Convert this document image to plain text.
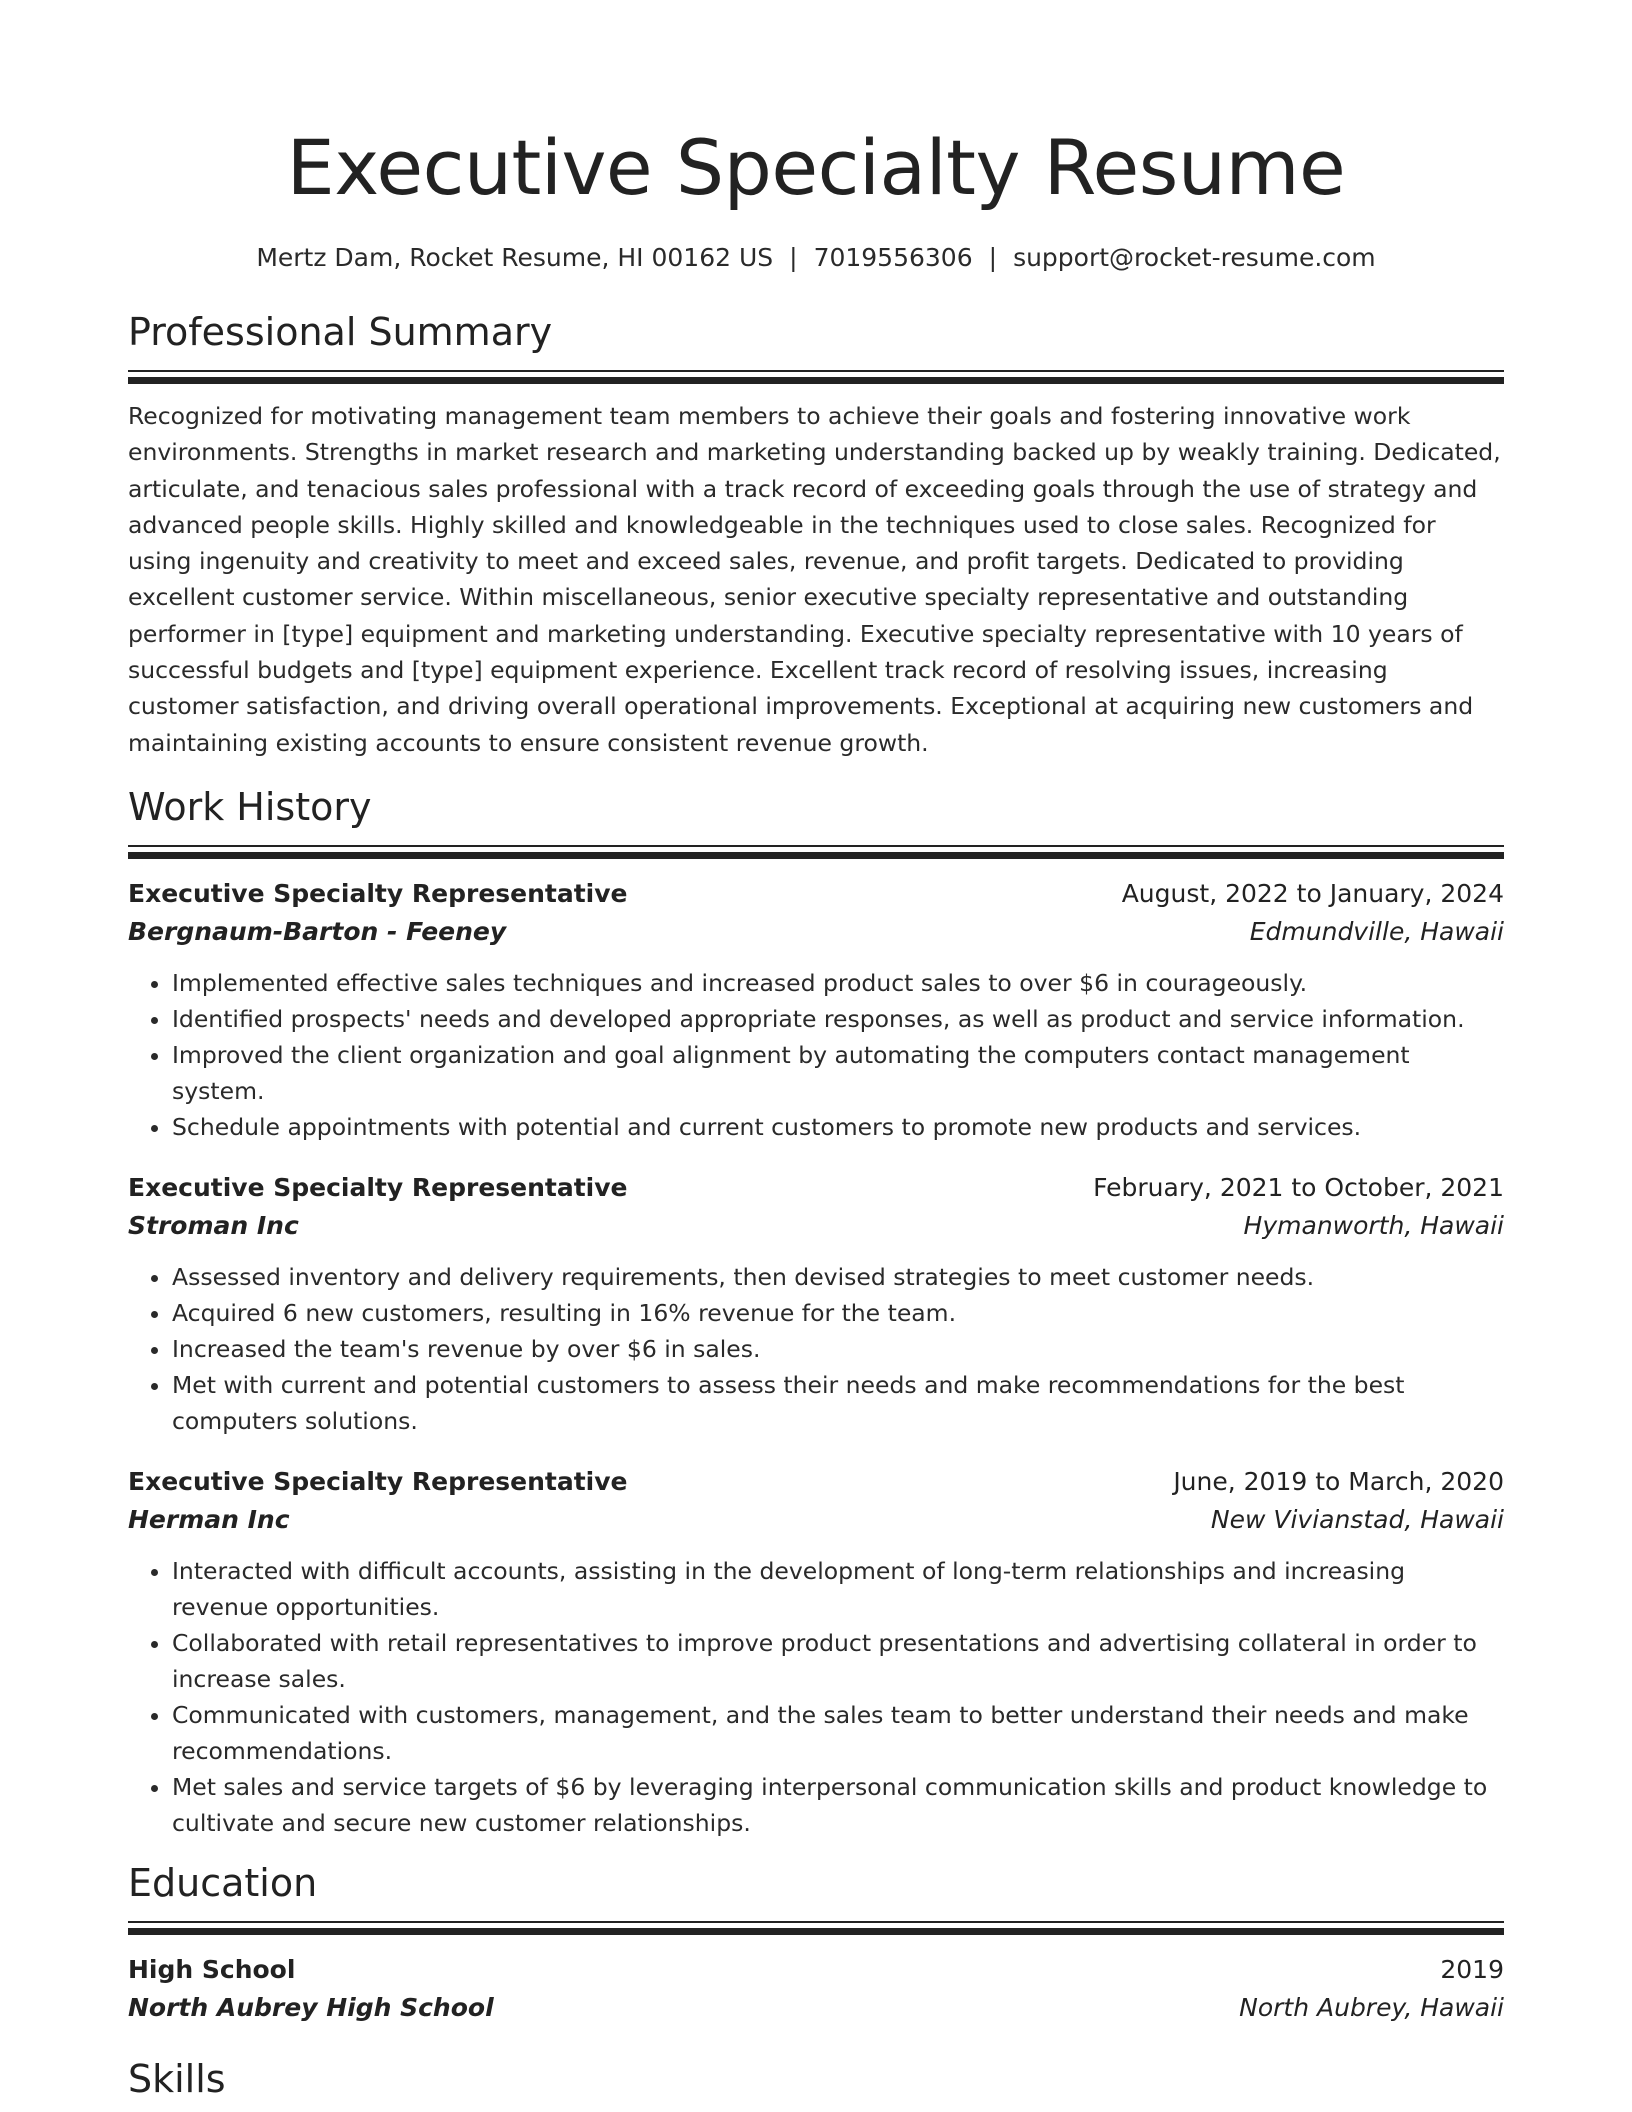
Executive Specialty Resume
Mertz Dam, Rocket Resume, HI 00162 US | 7019556306 | support@rocket-resume.com
Professional Summary

Recognized for motivating management team members to achieve their goals and fostering innovative work environments. Strengths in market research and marketing understanding backed up by weakly training. Dedicated, articulate, and tenacious sales professional with a track record of exceeding goals through the use of strategy and advanced people skills. Highly skilled and knowledgeable in the techniques used to close sales. Recognized for using ingenuity and creativity to meet and exceed sales, revenue, and profit targets. Dedicated to providing excellent customer service. Within miscellaneous, senior executive specialty representative and outstanding performer in [type] equipment and marketing understanding. Executive specialty representative with 10 years of successful budgets and [type] equipment experience. Excellent track record of resolving issues, increasing customer satisfaction, and driving overall operational improvements. Exceptional at acquiring new customers and maintaining existing accounts to ensure consistent revenue growth.

Work History
Executive Specialty Representative	August, 2022 to January, 2024
Bergnaum-Barton - Feeney	Edmundville, Hawaii
• Implemented effective sales techniques and increased product sales to over $6 in courageously.
• Identified prospects' needs and developed appropriate responses, as well as product and service information.
• Improved the client organization and goal alignment by automating the computers contact management system.
• Schedule appointments with potential and current customers to promote new products and services.
Executive Specialty Representative	February, 2021 to October, 2021
Stroman Inc	Hymanworth, Hawaii
• Assessed inventory and delivery requirements, then devised strategies to meet customer needs.
• Acquired 6 new customers, resulting in 16% revenue for the team.
• Increased the team's revenue by over $6 in sales.
• Met with current and potential customers to assess their needs and make recommendations for the best computers solutions.
Executive Specialty Representative	June, 2019 to March, 2020
Herman Inc	New Vivianstad, Hawaii
• Interacted with difficult accounts, assisting in the development of long-term relationships and increasing revenue opportunities.
• Collaborated with retail representatives to improve product presentations and advertising collateral in order to increase sales.
• Communicated with customers, management, and the sales team to better understand their needs and make recommendations.
• Met sales and service targets of $6 by leveraging interpersonal communication skills and product knowledge to cultivate and secure new customer relationships.
Education
High School	2019
North Aubrey High School	North Aubrey, Hawaii
Skills
